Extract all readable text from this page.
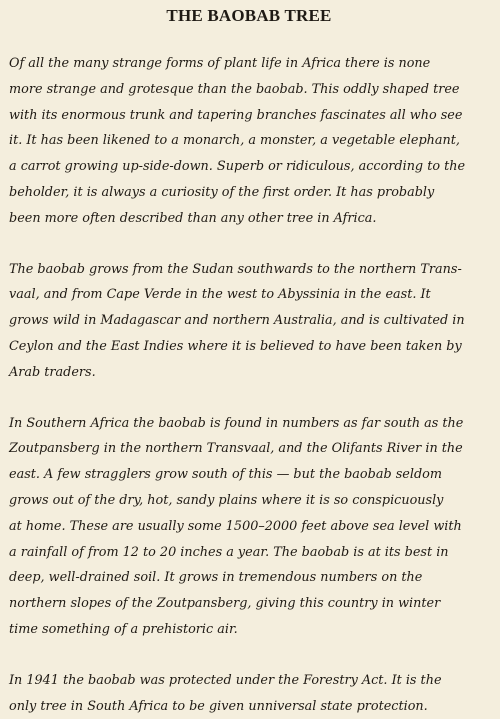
THE BAOBAB TREE

Of all the many strange forms of plant life in Africa there is none
more strange and grotesque than the baobab. This oddly shaped tree
with its enormous trunk and tapering branches fascinates all who see
it. It has been likened to a monarch, a monster, a vegetable elephant,
a carrot growing up-side-down. Superb or ridiculous, according to the
beholder, it is always a curiosity of the first order. It has probably
been more often described than any other tree in Africa.

The baobab grows from the Sudan southwards to the northern Trans-
vaal, and from Cape Verde in the west to Abyssinia in the east. It
grows wild in Madagascar and northern Australia, and is cultivated in
Ceylon and the East Indies where it is believed to have been taken by
Arab traders.

In Southern Africa the baobab is found in numbers as far south as the
Zoutpansberg in the northern Transvaal, and the Olifants River in the
east. A few stragglers grow south of this — but the baobab seldom
grows out of the dry, hot, sandy plains where it is so conspicuously
at home. These are usually some 1500–2000 feet above sea level with
a rainfall of from 12 to 20 inches a year. The baobab is at its best in
deep, well-drained soil. It grows in tremendous numbers on the
northern slopes of the Zoutpansberg, giving this country in winter
time something of a prehistoric air.

In 1941 the baobab was protected under the Forestry Act. It is the
only tree in South Africa to be given unniversal state protection.
